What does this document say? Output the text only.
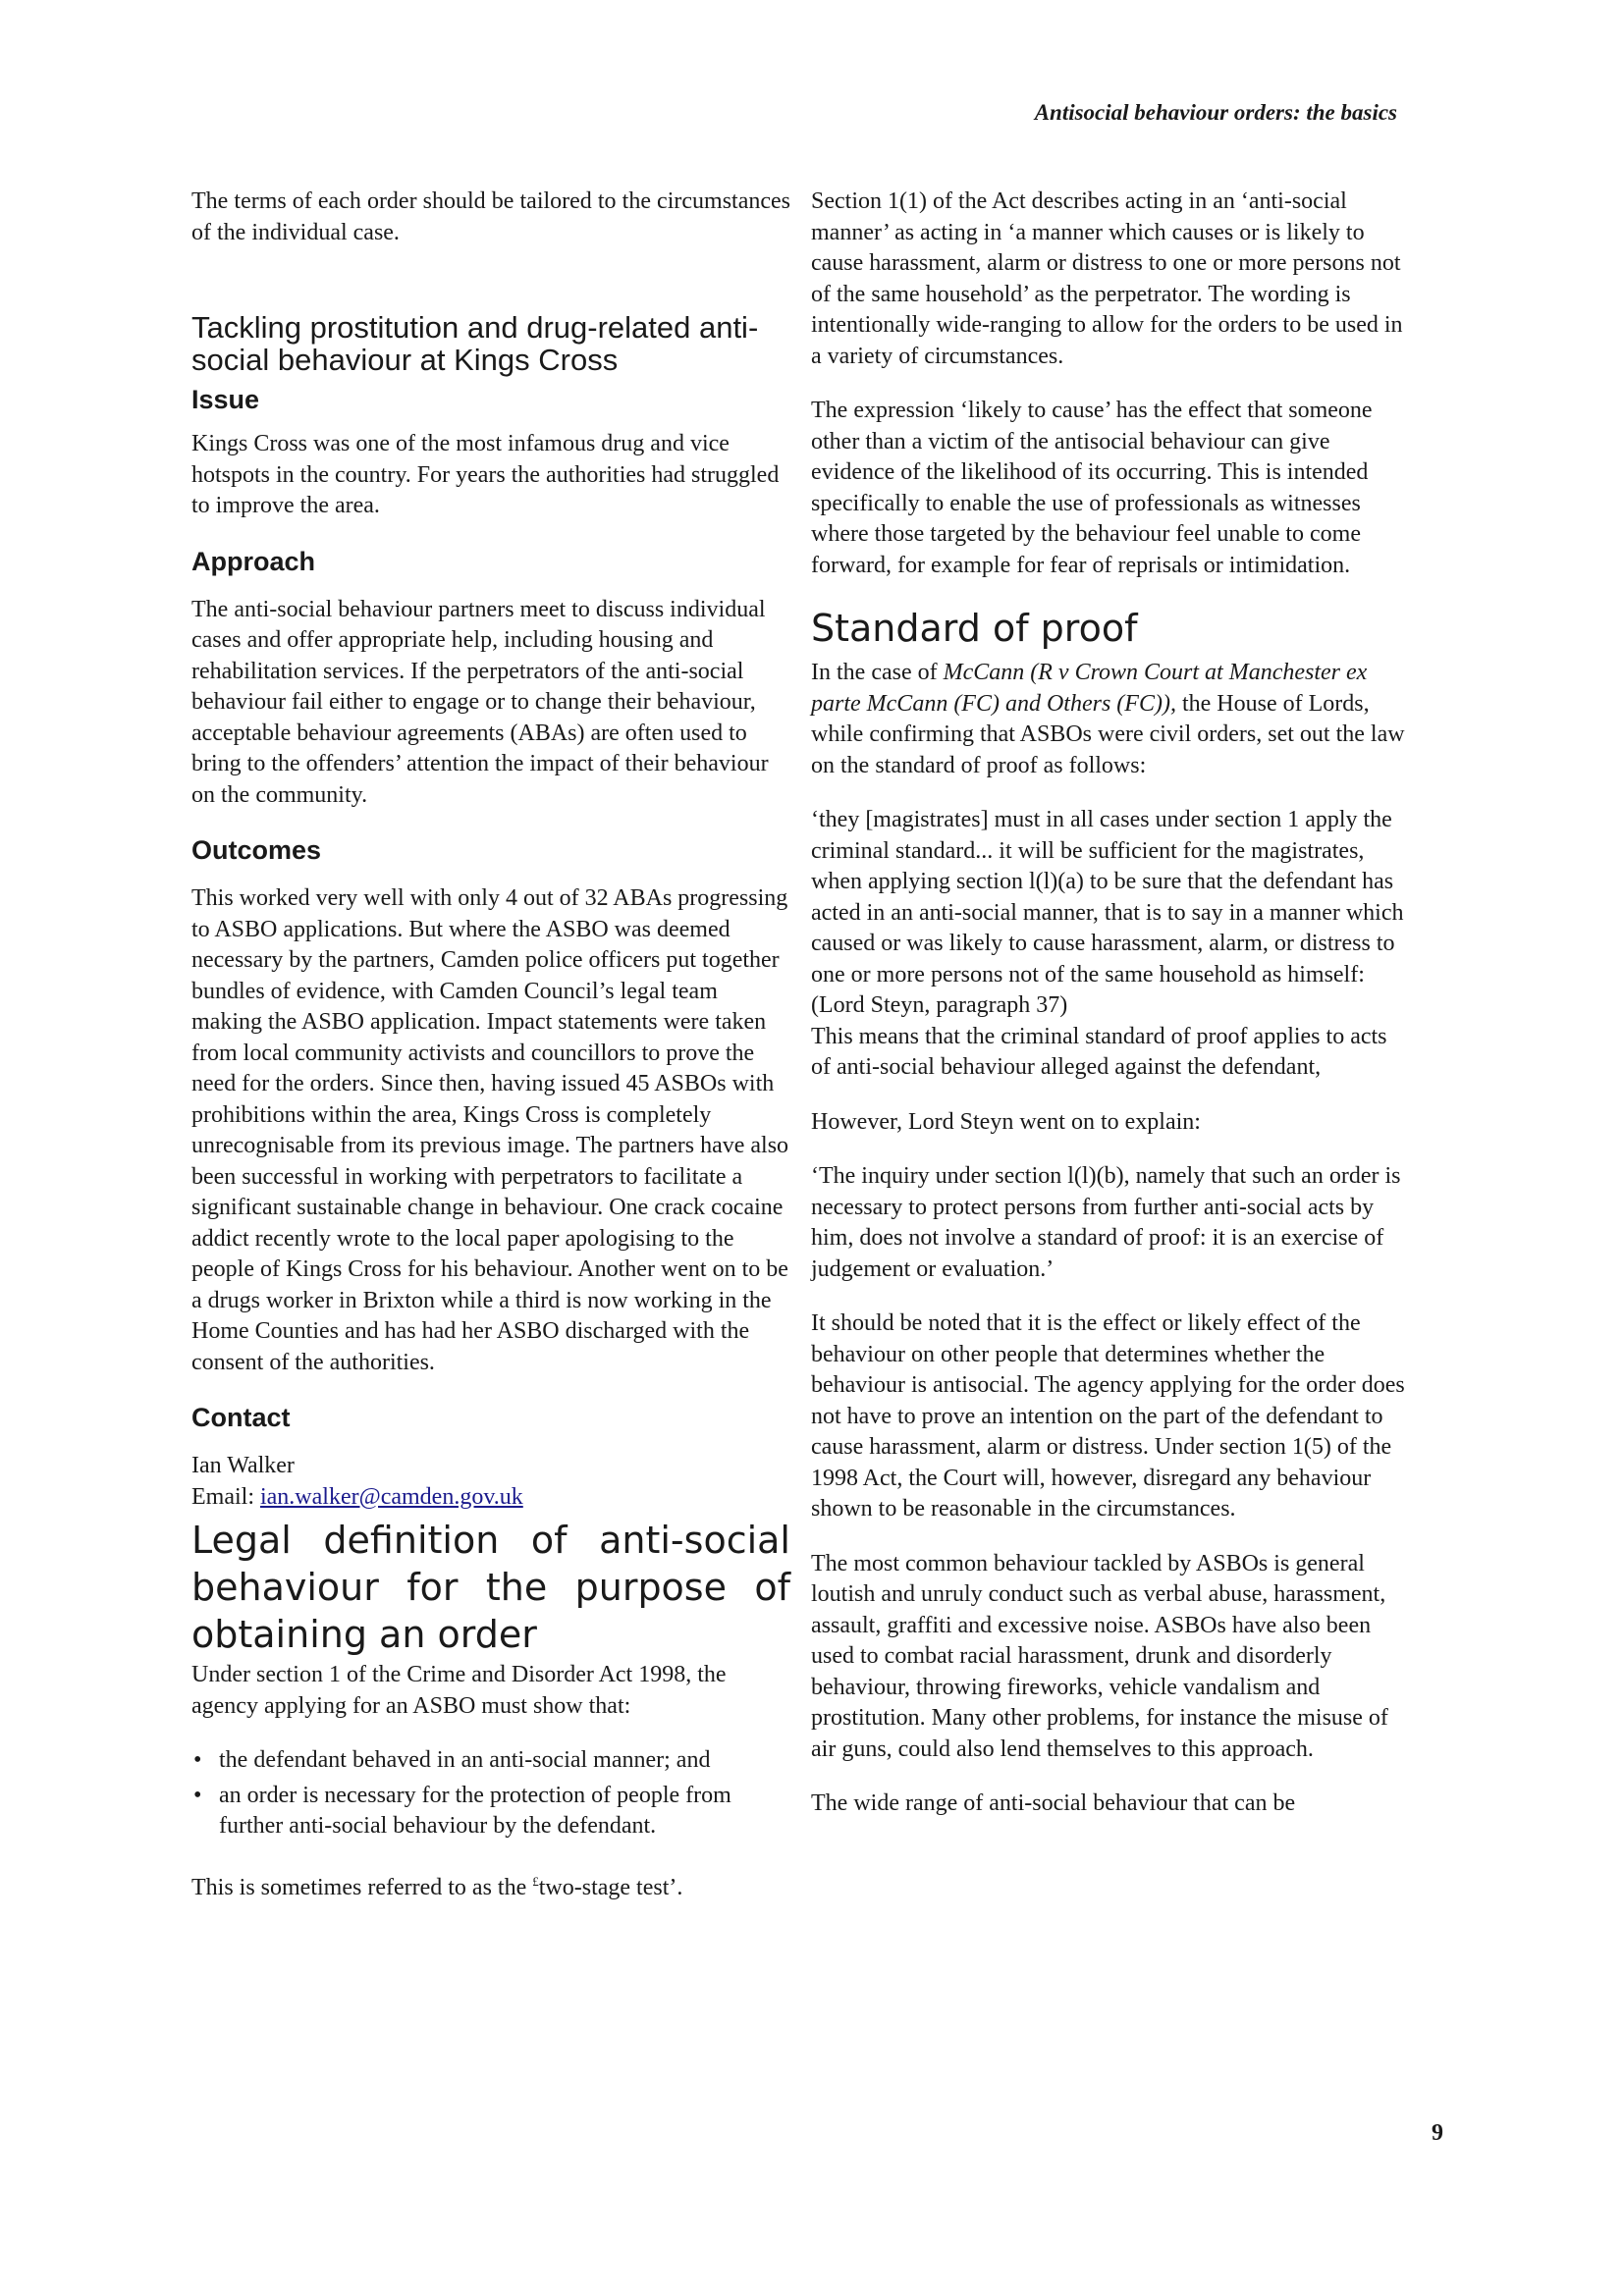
Antisocial behaviour orders: the basics

The terms of each order should be tailored to the circumstances of the individual case.

Tackling prostitution and drug-related anti-social behaviour at Kings Cross
Issue

Kings Cross was one of the most infamous drug and vice hotspots in the country. For years the authorities had struggled to improve the area.

Approach

The anti-social behaviour partners meet to discuss individual cases and offer appropriate help, including housing and rehabilitation services. If the perpetrators of the anti-social behaviour fail either to engage or to change their behaviour, acceptable behaviour agreements (ABAs) are often used to bring to the offenders’ attention the impact of their behaviour on the community.

Outcomes

This worked very well with only 4 out of 32 ABAs progressing to ASBO applications. But where the ASBO was deemed necessary by the partners, Camden police officers put together bundles of evidence, with Camden Council’s legal team making the ASBO application. Impact statements were taken from local community activists and councillors to prove the need for the orders. Since then, having issued 45 ASBOs with prohibitions within the area, Kings Cross is completely unrecognisable from its previous image. The partners have also been successful in working with perpetrators to facilitate a significant sustainable change in behaviour. One crack cocaine addict recently wrote to the local paper apologising to the people of Kings Cross for his behaviour. Another went on to be a drugs worker in Brixton while a third is now working in the Home Counties and has had her ASBO discharged with the consent of the authorities.

Contact

Ian Walker

Email: ian.walker@camden.gov.uk

Legal definition of anti-social behaviour for the purpose of obtaining an order

Under section 1 of the Crime and Disorder Act 1998, the agency applying for an ASBO must show that:

• the defendant behaved in an anti-social manner; and
• an order is necessary for the protection of people from further anti-social behaviour by the defendant.

This is sometimes referred to as the £two-stage test’.

Section 1(1) of the Act describes acting in an ‘anti-social manner’ as acting in ‘a manner which causes or is likely to cause harassment, alarm or distress to one or more persons not of the same household’ as the perpetrator. The wording is intentionally wide-ranging to allow for the orders to be used in a variety of circumstances.

The expression ‘likely to cause’ has the effect that someone other than a victim of the antisocial behaviour can give evidence of the likelihood of its occurring. This is intended specifically to enable the use of professionals as witnesses where those targeted by the behaviour feel unable to come forward, for example for fear of reprisals or intimidation.

Standard of proof

In the case of McCann (R v Crown Court at Manchester ex parte McCann (FC) and Others (FC)), the House of Lords, while confirming that ASBOs were civil orders, set out the law on the standard of proof as follows:

‘they [magistrates] must in all cases under section 1 apply the criminal standard... it will be sufficient for the magistrates, when applying section l(l)(a) to be sure that the defendant has acted in an anti-social manner, that is to say in a manner which caused or was likely to cause harassment, alarm, or distress to one or more persons not of the same household as himself: (Lord Steyn, paragraph 37)

This means that the criminal standard of proof applies to acts of anti-social behaviour alleged against the defendant,

However, Lord Steyn went on to explain:

‘The inquiry under section l(l)(b), namely that such an order is necessary to protect persons from further anti-social acts by him, does not involve a standard of proof: it is an exercise of judgement or evaluation.’

It should be noted that it is the effect or likely effect of the behaviour on other people that determines whether the behaviour is antisocial. The agency applying for the order does not have to prove an intention on the part of the defendant to cause harassment, alarm or distress. Under section 1(5) of the 1998 Act, the Court will, however, disregard any behaviour shown to be reasonable in the circumstances.

The most common behaviour tackled by ASBOs is general loutish and unruly conduct such as verbal abuse, harassment, assault, graffiti and excessive noise. ASBOs have also been used to combat racial harassment, drunk and disorderly behaviour, throwing fireworks, vehicle vandalism and prostitution. Many other problems, for instance the misuse of air guns, could also lend themselves to this approach.

The wide range of anti-social behaviour that can be

9
